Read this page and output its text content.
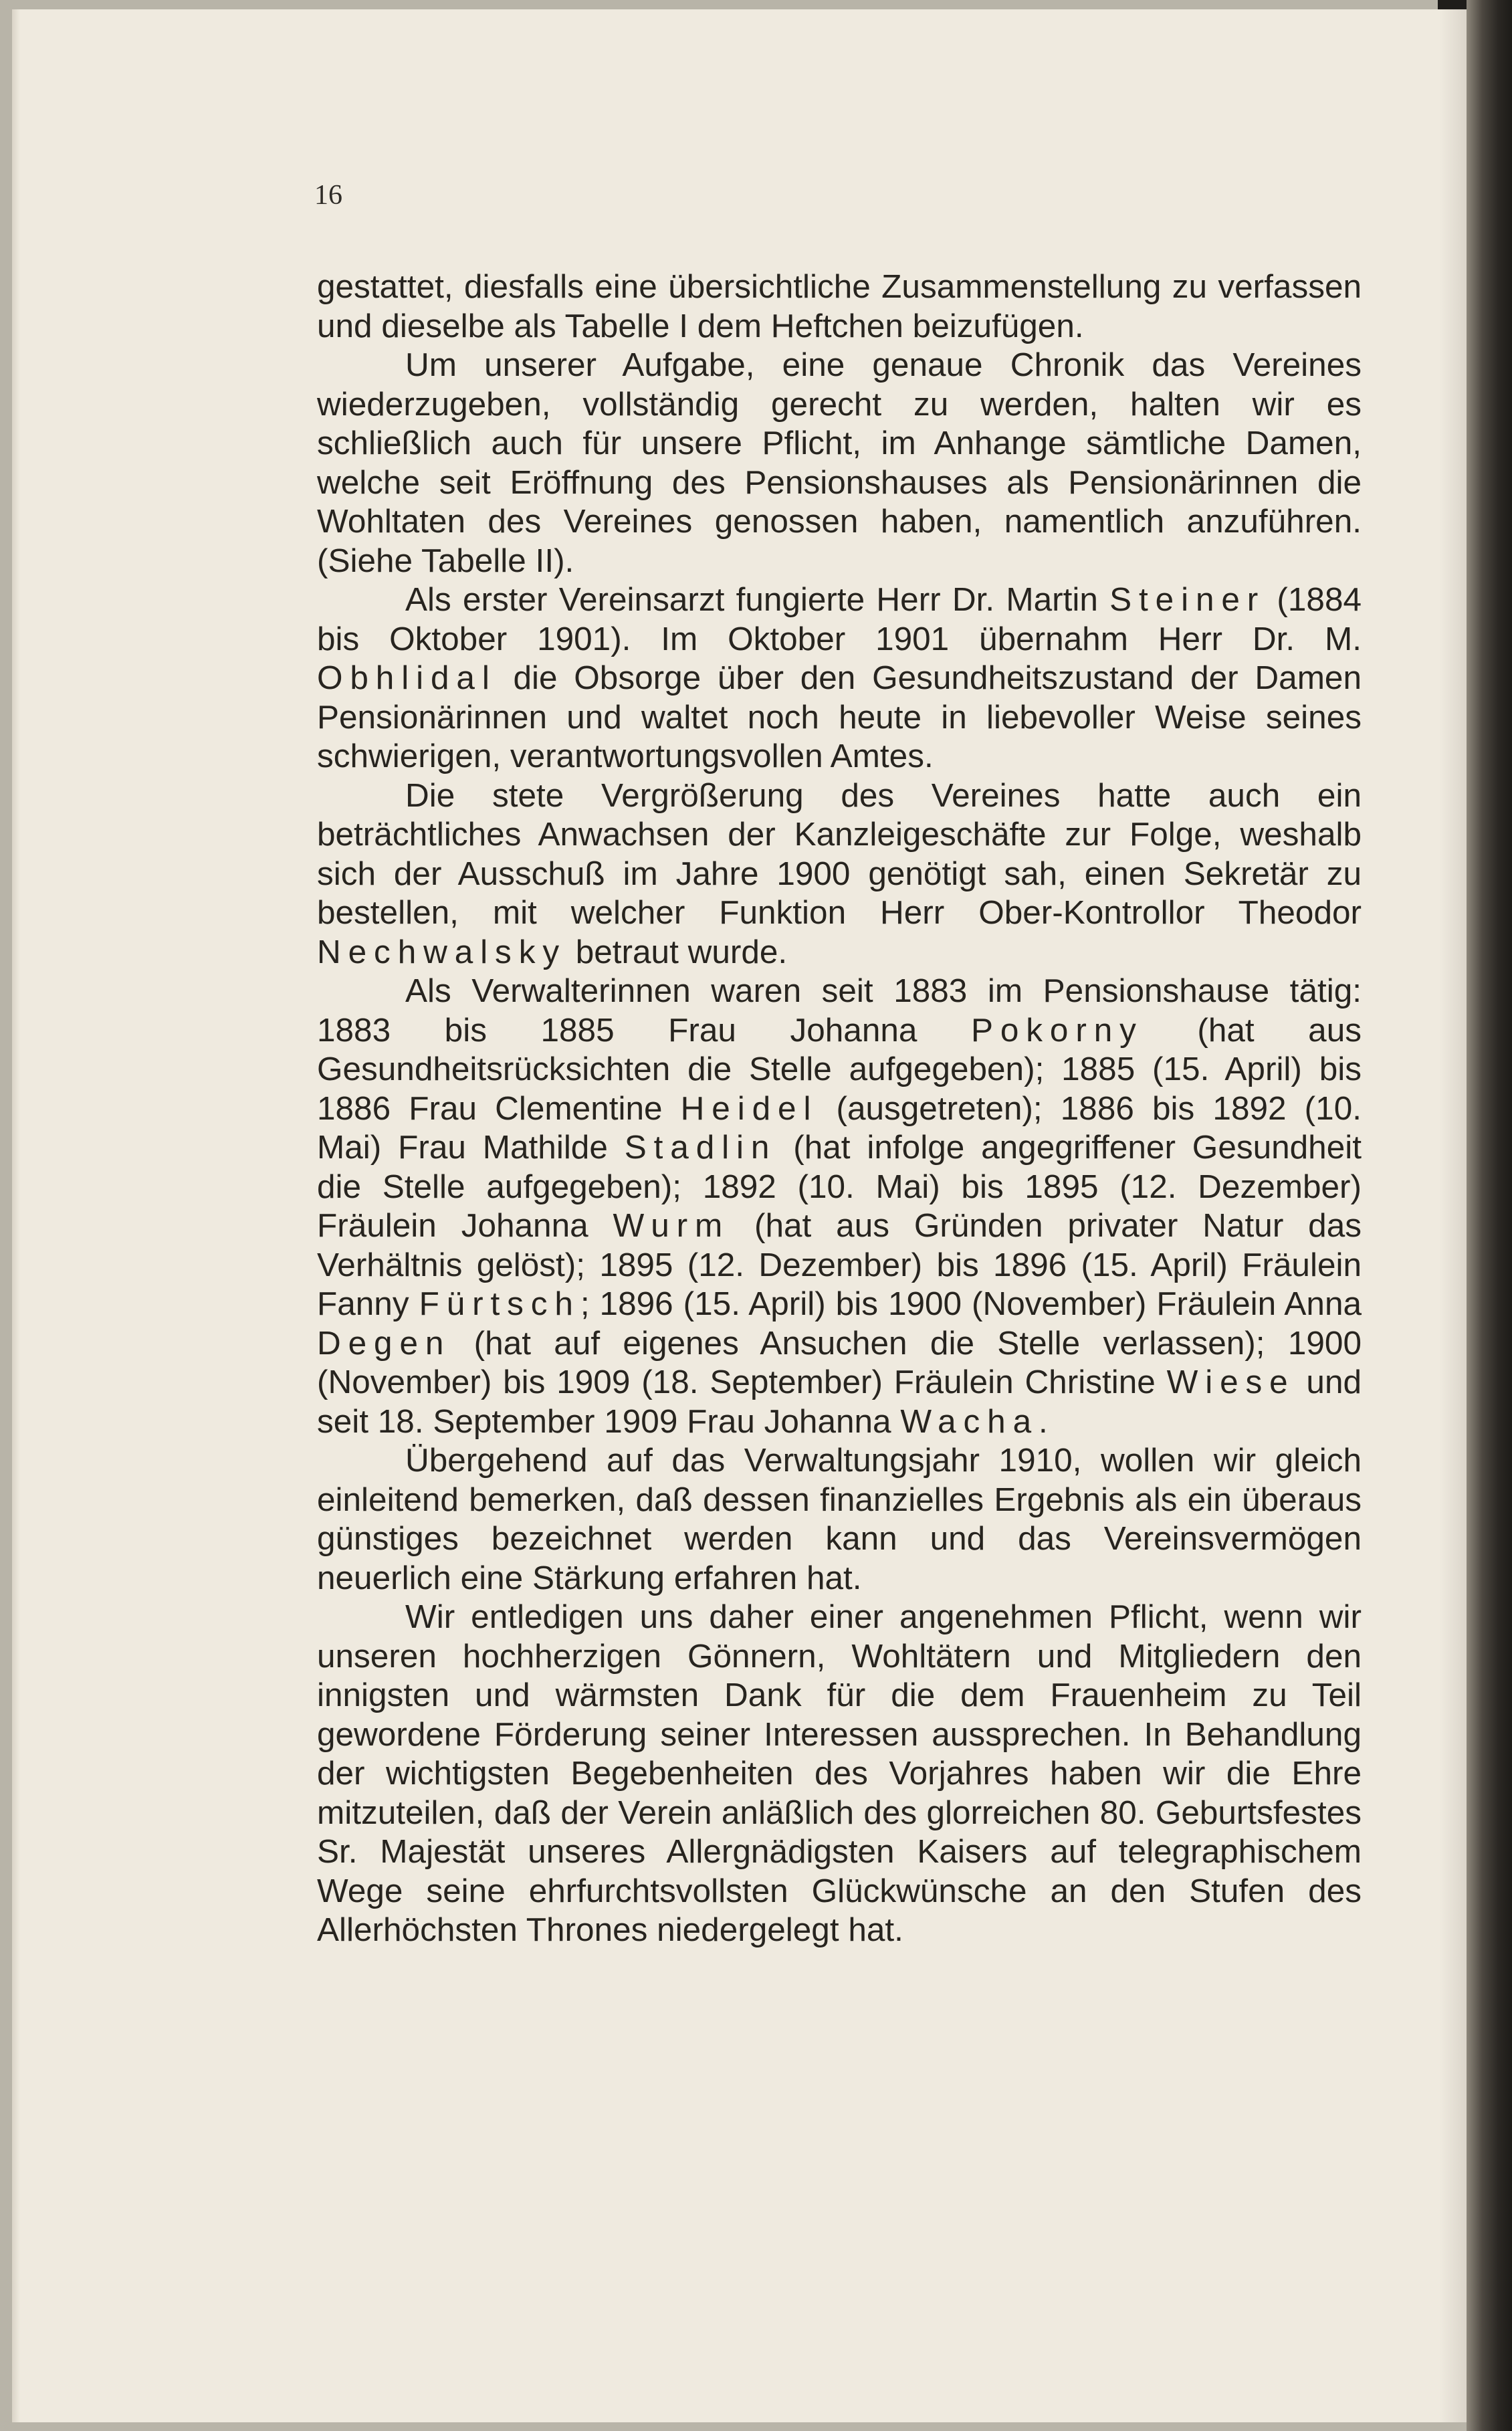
16

gestattet, diesfalls eine übersichtliche Zusammenstellung zu verfassen und dieselbe als Tabelle I dem Heftchen beizufügen.

Um unserer Aufgabe, eine genaue Chronik das Vereines wiederzugeben, vollständig gerecht zu werden, halten wir es schließlich auch für unsere Pflicht, im Anhange sämtliche Damen, welche seit Eröffnung des Pensionshauses als Pensionärinnen die Wohltaten des Vereines genossen haben, namentlich anzuführen. (Siehe Tabelle II).

Als erster Vereinsarzt fungierte Herr Dr. Martin Steiner (1884 bis Oktober 1901). Im Oktober 1901 übernahm Herr Dr. M. Obhlidal die Obsorge über den Gesundheitszustand der Damen Pensionärinnen und waltet noch heute in liebevoller Weise seines schwierigen, verantwortungsvollen Amtes.

Die stete Vergrößerung des Vereines hatte auch ein beträchtliches Anwachsen der Kanzleigeschäfte zur Folge, weshalb sich der Ausschuß im Jahre 1900 genötigt sah, einen Sekretär zu bestellen, mit welcher Funktion Herr Ober-Kontrollor Theodor Nechwalsky betraut wurde.

Als Verwalterinnen waren seit 1883 im Pensionshause tätig: 1883 bis 1885 Frau Johanna Pokorny (hat aus Gesundheitsrücksichten die Stelle aufgegeben); 1885 (15. April) bis 1886 Frau Clementine Heidel (ausgetreten); 1886 bis 1892 (10. Mai) Frau Mathilde Stadlin (hat infolge angegriffener Gesundheit die Stelle aufgegeben); 1892 (10. Mai) bis 1895 (12. Dezember) Fräulein Johanna Wurm (hat aus Gründen privater Natur das Verhältnis gelöst); 1895 (12. Dezember) bis 1896 (15. April) Fräulein Fanny Fürtsch; 1896 (15. April) bis 1900 (November) Fräulein Anna Degen (hat auf eigenes Ansuchen die Stelle verlassen); 1900 (November) bis 1909 (18. September) Fräulein Christine Wiese und seit 18. September 1909 Frau Johanna Wacha.

Übergehend auf das Verwaltungsjahr 1910, wollen wir gleich einleitend bemerken, daß dessen finanzielles Ergebnis als ein überaus günstiges bezeichnet werden kann und das Vereinsvermögen neuerlich eine Stärkung erfahren hat.

Wir entledigen uns daher einer angenehmen Pflicht, wenn wir unseren hochherzigen Gönnern, Wohltätern und Mitgliedern den innigsten und wärmsten Dank für die dem Frauenheim zu Teil gewordene Förderung seiner Interessen aussprechen. In Behandlung der wichtigsten Begebenheiten des Vorjahres haben wir die Ehre mitzuteilen, daß der Verein anläßlich des glorreichen 80. Geburtsfestes Sr. Majestät unseres Allergnädigsten Kaisers auf telegraphischem Wege seine ehrfurchtsvollsten Glückwünsche an den Stufen des Allerhöchsten Thrones niedergelegt hat.
